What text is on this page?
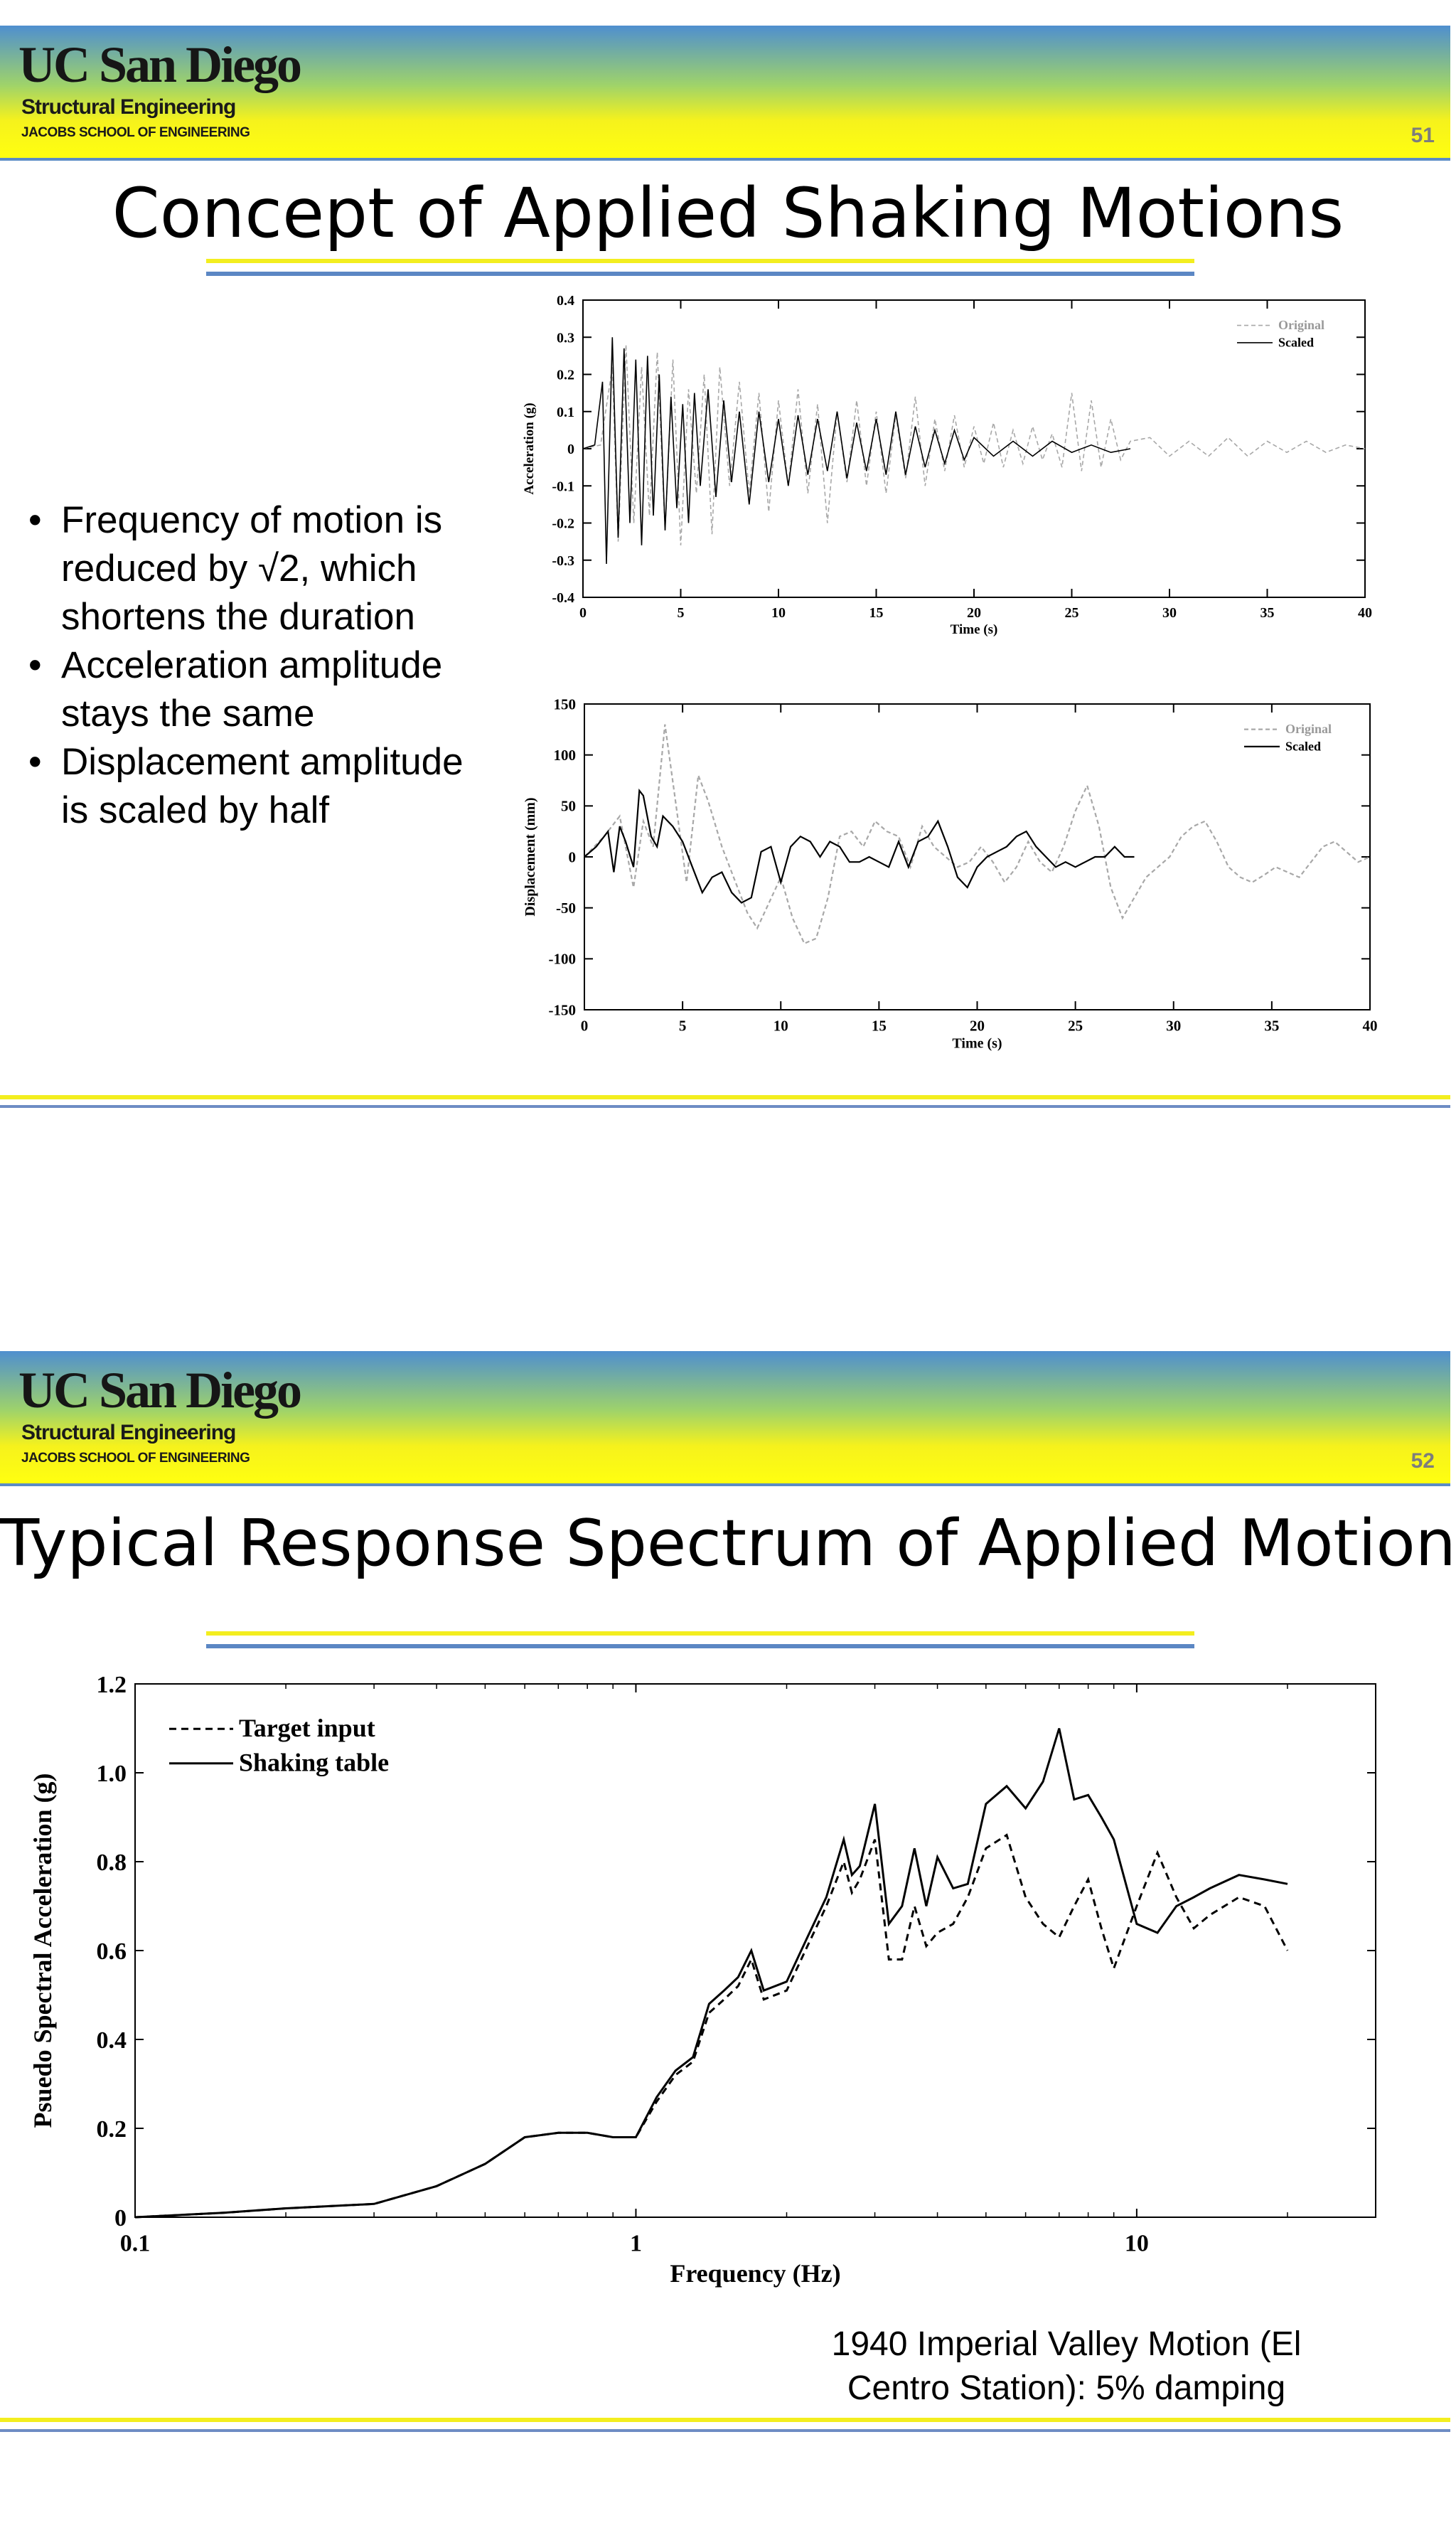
UC San Diego
Structural Engineering
JACOBS SCHOOL OF ENGINEERING	51
Concept of Applied Shaking Motions
• Frequency of motion is reduced by √2, which shortens the duration
• Acceleration amplitude stays the same
• Displacement amplitude is scaled by half
0.4
0.3
0.2
0.1
0
-0.1
-0.2
-0.3
-0.4
0	5	10	15	20	25	30	35	40
Time (s)
Acceleration (g)
Original
Scaled
150
100
50
0
-50
-100
-150
0	5	10	15	20	25	30	35	40
Time (s)
Displacement (mm)
Original
Scaled
UC San Diego
Structural Engineering
JACOBS SCHOOL OF ENGINEERING	52
Typical Response Spectrum of Applied Motion
1.2
1.0
0.8
0.6
0.4
0.2
0
0.1	1	10
Frequency (Hz)
Psuedo Spectral Acceleration (g)
Target input
Shaking table
1940 Imperial Valley Motion (El Centro Station): 5% damping
